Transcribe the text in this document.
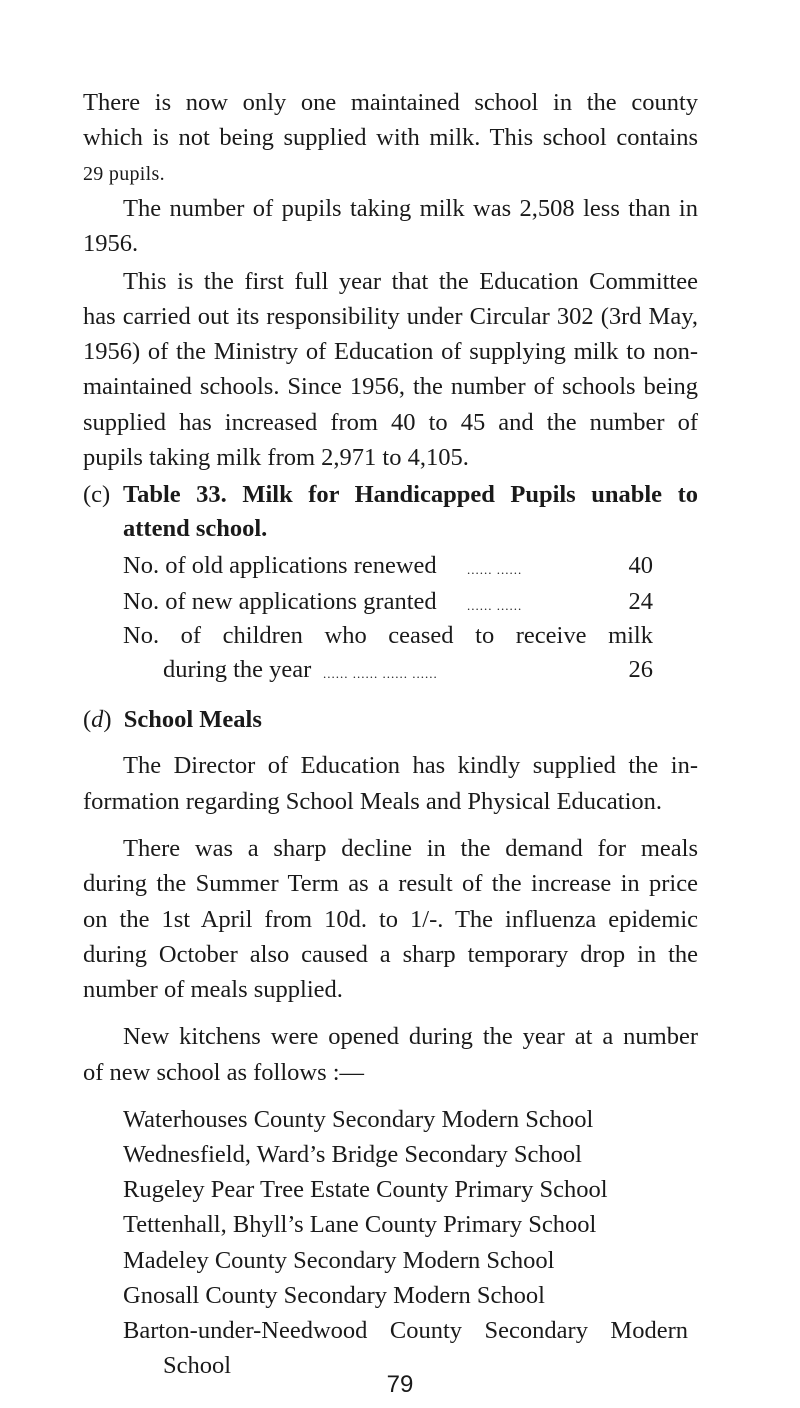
There is now only one maintained school in the county
which is not being supplied with milk. This school contains
29 pupils.
The number of pupils taking milk was 2,508 less than in
1956.
This is the first full year that the Education Committee
has carried out its responsibility under Circular 302 (3rd May,
1956) of the Ministry of Education of supplying milk to non-
maintained schools. Since 1956, the number of schools being
supplied has increased from 40 to 45 and the number of
pupils taking milk from 2,971 to 4,105.
(c) Table 33. Milk for Handicapped Pupils unable to
attend school.
No. of old applications renewed ...... ......	40
No. of new applications granted ...... ......	24
No. of children who ceased to receive milk
during the year ...... ...... ...... ......	26
(d) School Meals
The Director of Education has kindly supplied the in-
formation regarding School Meals and Physical Education.
There was a sharp decline in the demand for meals
during the Summer Term as a result of the increase in price
on the 1st April from 10d. to 1/-. The influenza epidemic
during October also caused a sharp temporary drop in the
number of meals supplied.
New kitchens were opened during the year at a number
of new school as follows :—
Waterhouses County Secondary Modern School
Wednesfield, Ward’s Bridge Secondary School
Rugeley Pear Tree Estate County Primary School
Tettenhall, Bhyll’s Lane County Primary School
Madeley County Secondary Modern School
Gnosall County Secondary Modern School
Barton-under-Needwood County Secondary Modern
School
79
